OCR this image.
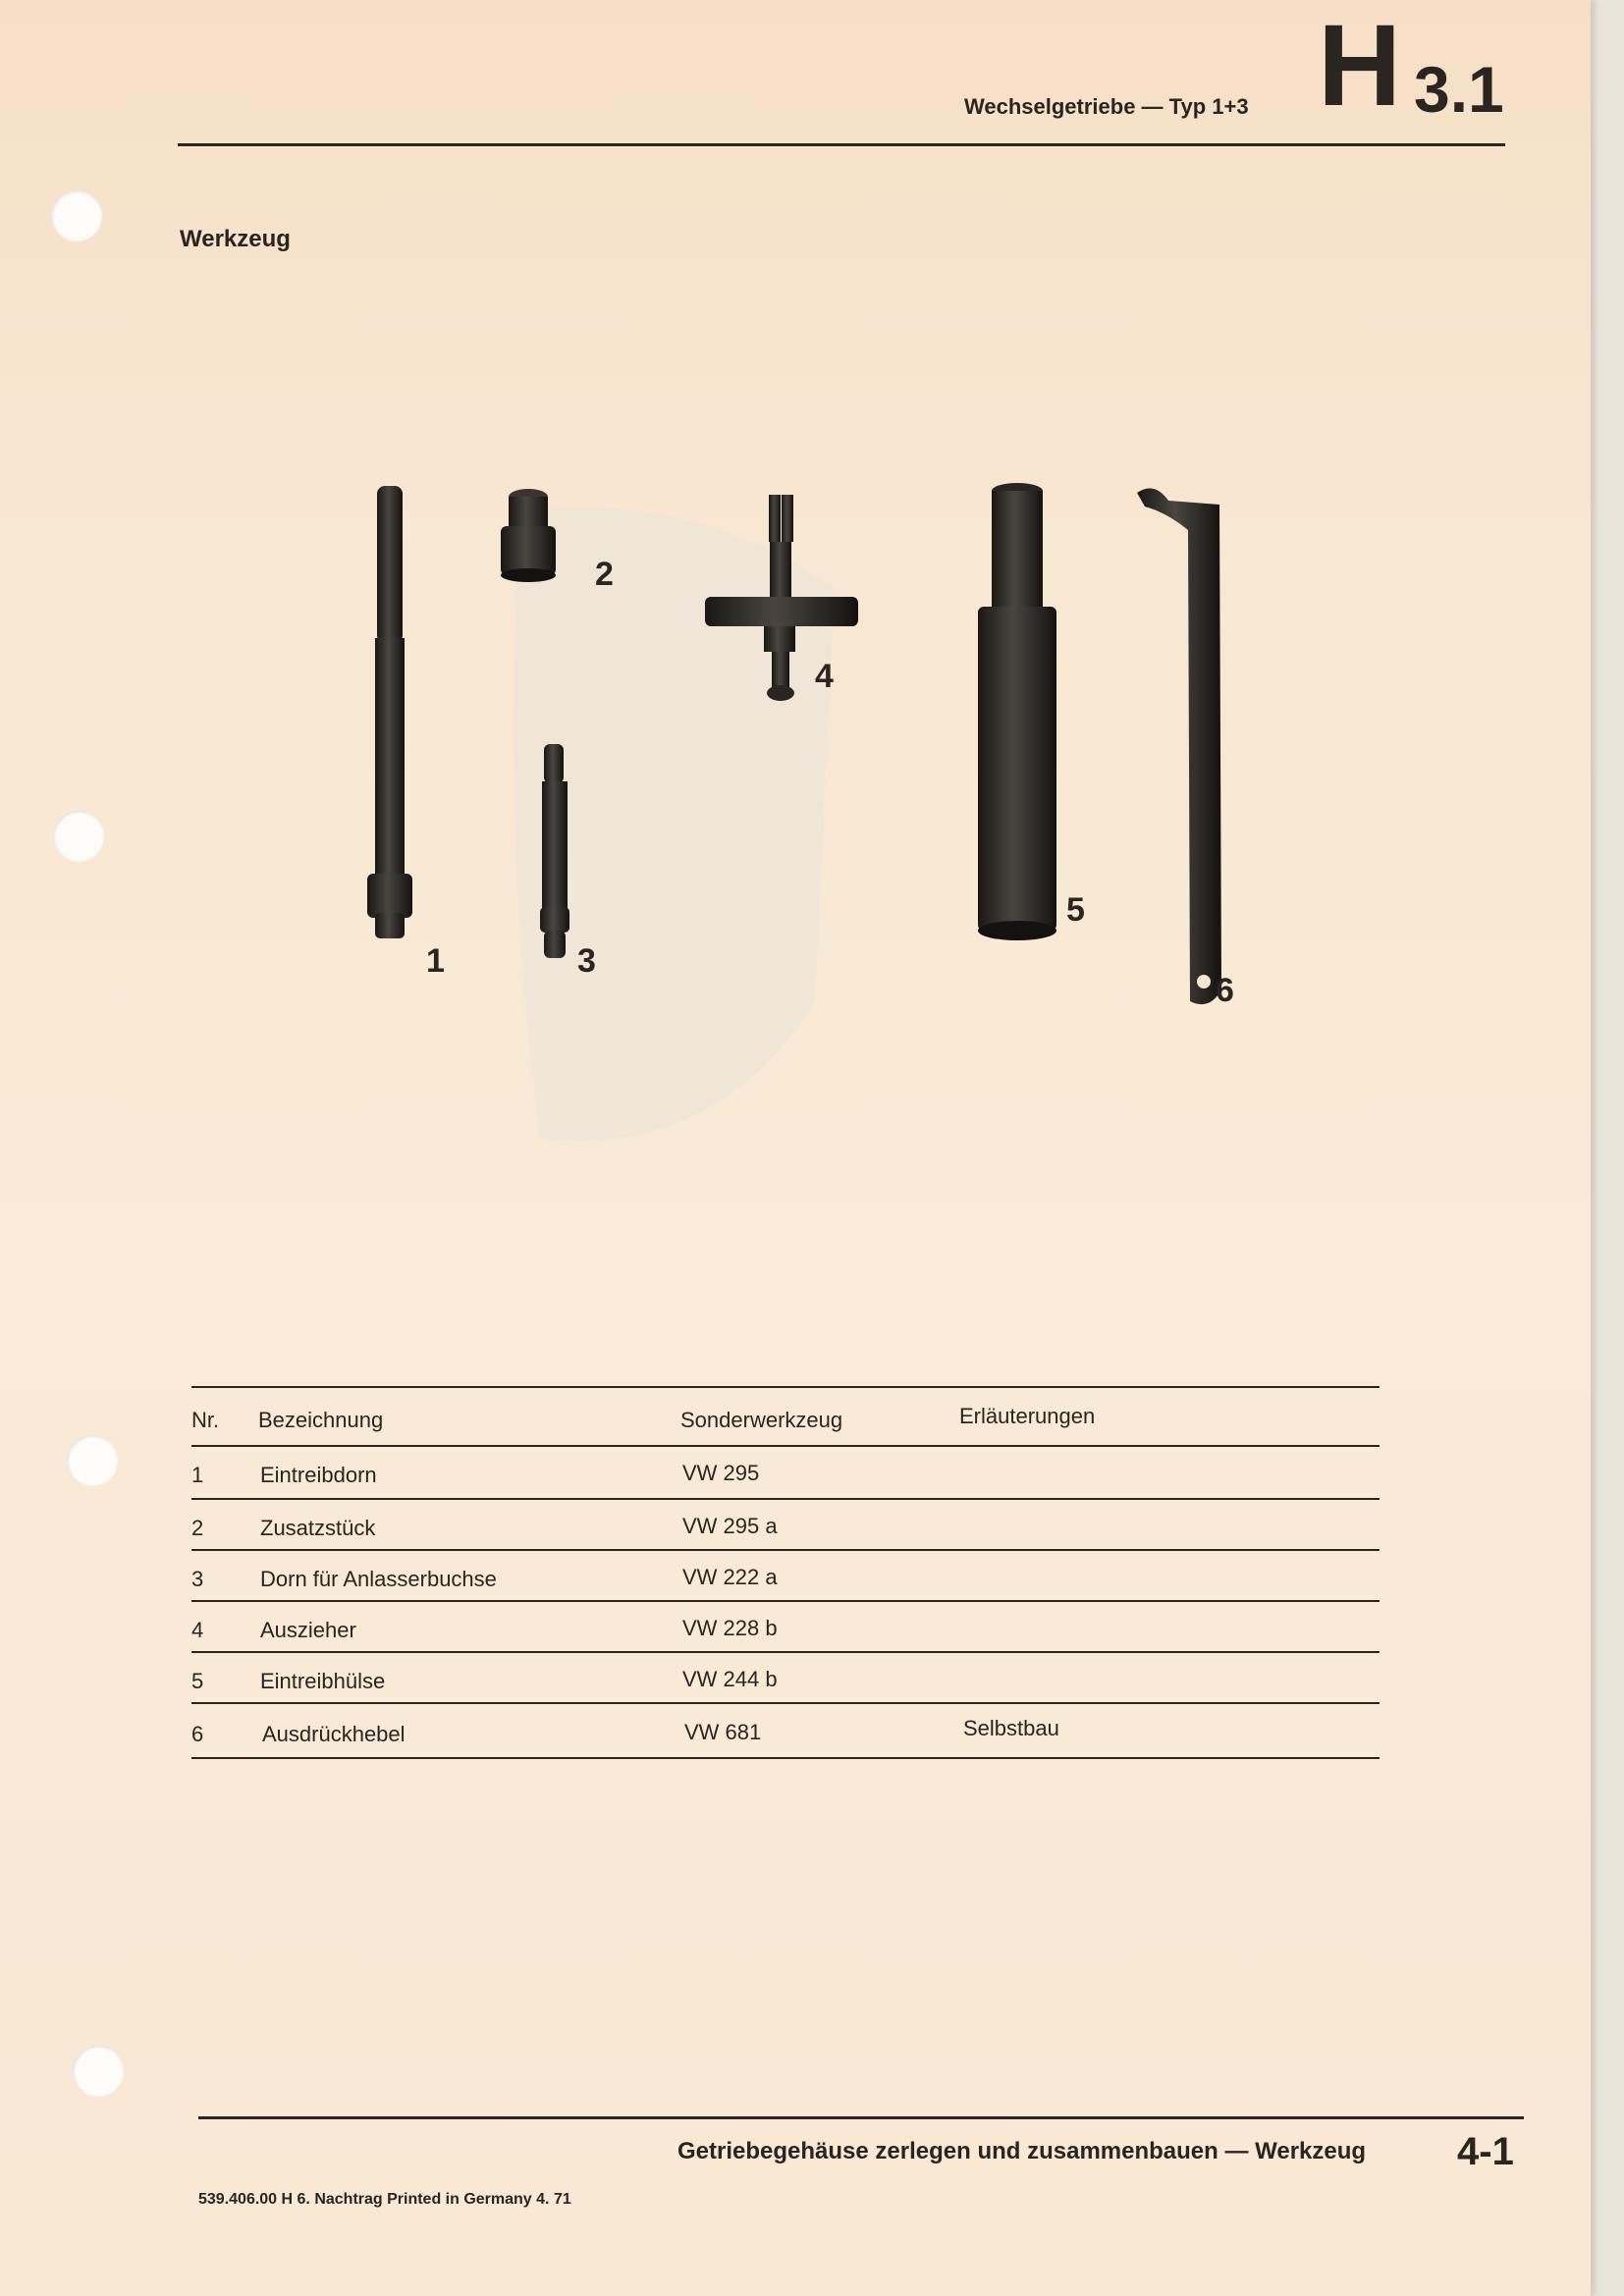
Wechselgetriebe — Typ 1+3 H 3.1
Werkzeug
1
2
3
4
5
6
Nr. Bezeichnung	Sonderwerkzeug	Erläuterungen
1	Eintreibdorn	VW 295
2	Zusatzstück	VW 295 a
3	Dorn für Anlasserbuchse	VW 222 a
4	Auszieher	VW 228 b
5	Eintreibhülse	VW 244 b
6	Ausdrückhebel	VW 681	Selbstbau
Getriebegehäuse zerlegen und zusammenbauen — Werkzeug 4-1
539.406.00 H 6. Nachtrag Printed in Germany 4. 71
